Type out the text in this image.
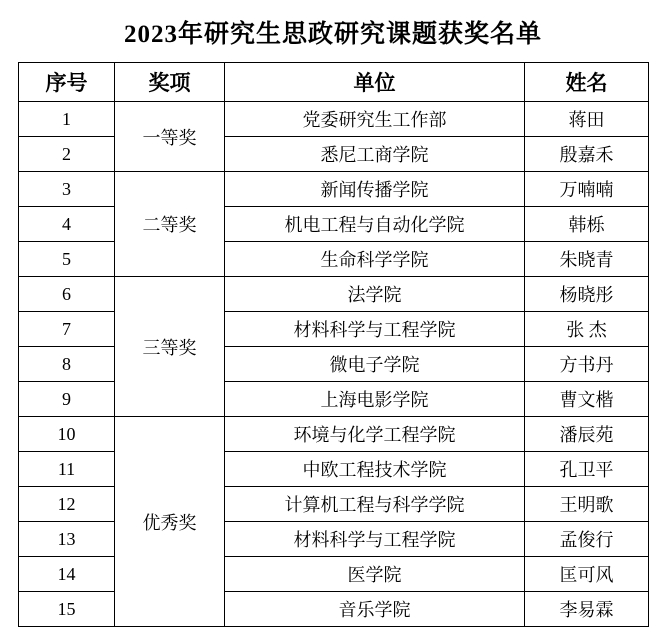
2023年研究生思政研究课题获奖名单
序号	奖项	单位	姓名
1	一等奖	党委研究生工作部	蒋田
2		悉尼工商学院	殷嘉禾
3	二等奖	新闻传播学院	万喃喃
4		机电工程与自动化学院	韩栎
5		生命科学学院	朱晓青
6	三等奖	法学院	杨晓彤
7		材料科学与工程学院	张 杰
8		微电子学院	方书丹
9		上海电影学院	曹文楷
10	优秀奖	环境与化学工程学院	潘辰苑
11		中欧工程技术学院	孔卫平
12		计算机工程与科学学院	王明歌
13		材料科学与工程学院	孟俊行
14		医学院	匡可风
15		音乐学院	李易霖
